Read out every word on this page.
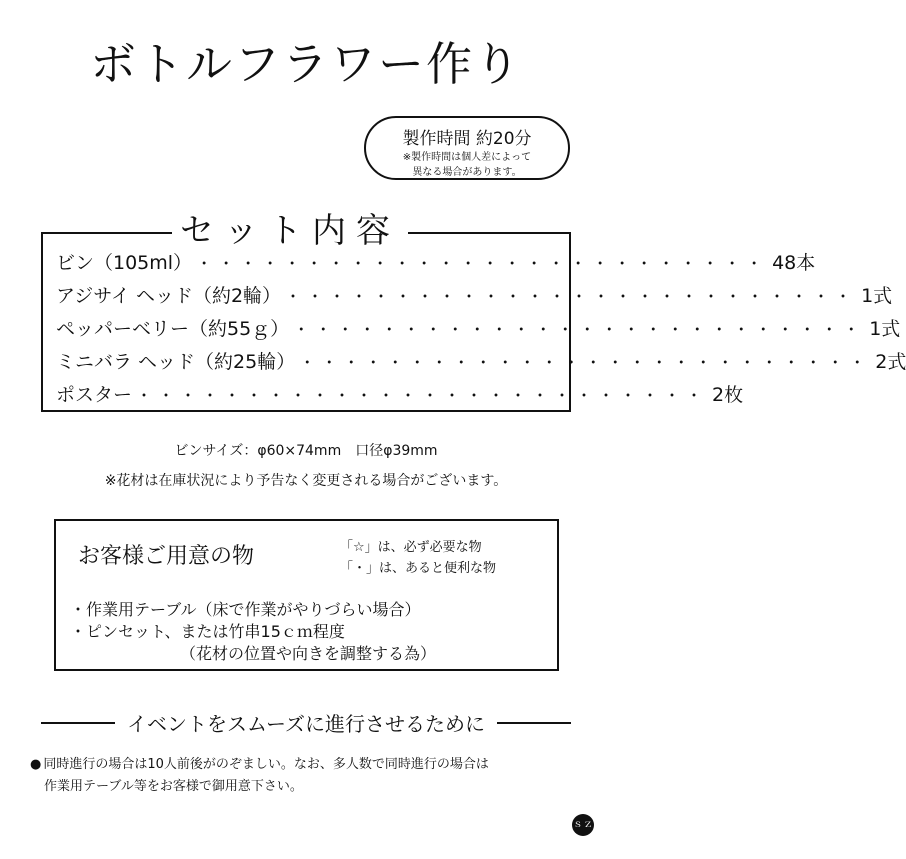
ボトルフラワー作り
製作時間 約20分
※製作時間は個人差によって
異なる場合があります。
セット内容
ビン（105ml） ・・・・・・・・・・・・・・・・・・・・・・・・・・ 48本
アジサイ ヘッド（約2輪） ・・・・・・・・・・・・・・・・・・・・・・・・・・ 1式
ペッパーベリー（約55ｇ） ・・・・・・・・・・・・・・・・・・・・・・・・・・ 1式
ミニバラ ヘッド（約25輪） ・・・・・・・・・・・・・・・・・・・・・・・・・・ 2式
ポスター ・・・・・・・・・・・・・・・・・・・・・・・・・・ 2枚
ビンサイズ：φ60×74mm　口径φ39mm
※花材は在庫状況により予告なく変更される場合がございます。
お客様ご用意の物	「☆」は、必ず必要な物
「・」は、あると便利な物
・作業用テーブル（床で作業がやりづらい場合）
・ピンセット、または竹串15ｃｍ程度
（花材の位置や向きを調整する為）
イベントをスムーズに進行させるために
● 同時進行の場合は10人前後がのぞましい。なお、多人数で同時進行の場合は
作業用テーブル等をお客様で御用意下さい。
ｓｚ
